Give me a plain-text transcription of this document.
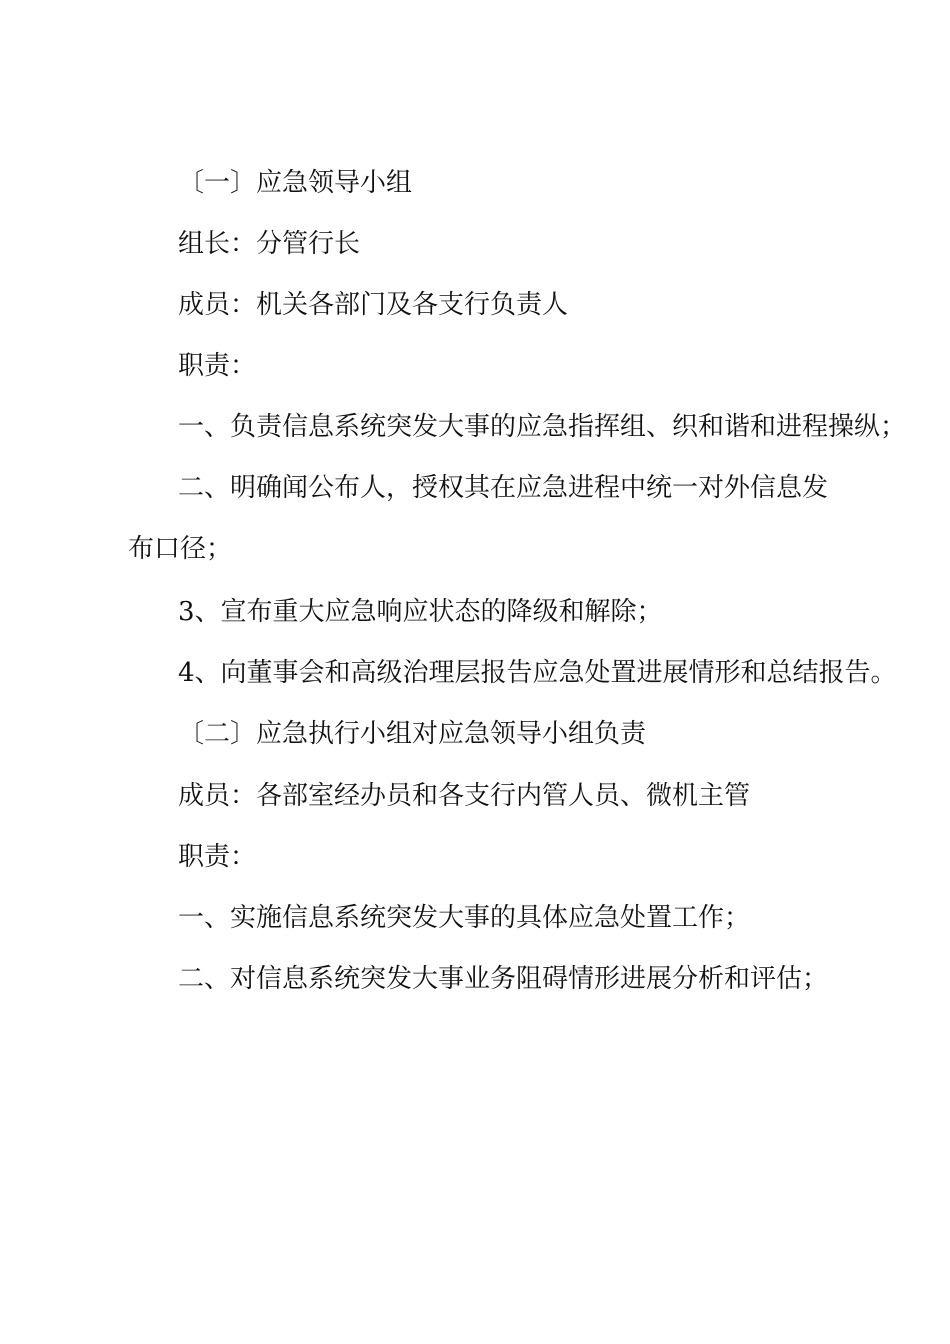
〔一〕应急领导小组
组长：分管行长
成员：机关各部门及各支行负责人
职责：
一、负责信息系统突发大事的应急指挥组、织和谐和进程操纵；
二、明确闻公布人，授权其在应急进程中统一对外信息发
布口径；
3、宣布重大应急响应状态的降级和解除；
4、向董事会和高级治理层报告应急处置进展情形和总结报告。
〔二〕应急执行小组对应急领导小组负责
成员：各部室经办员和各支行内管人员、微机主管
职责：
一、实施信息系统突发大事的具体应急处置工作；
二、对信息系统突发大事业务阻碍情形进展分析和评估；
